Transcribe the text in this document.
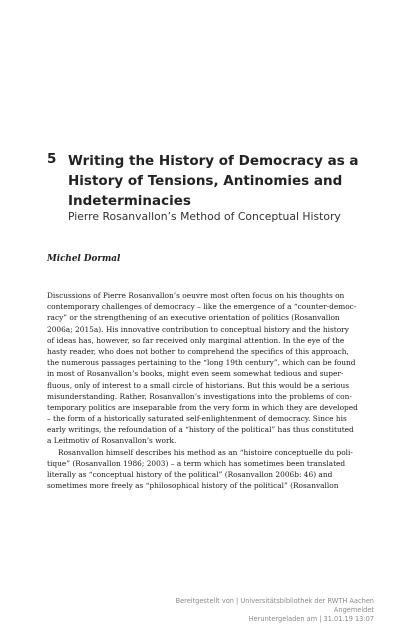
5 Writing the History of Democracy as a History of Tensions, Antinomies and Indeterminacies
Pierre Rosanvallon’s Method of Conceptual History
Michel Dormal
Discussions of Pierre Rosanvallon’s oeuvre most often focus on his thoughts on
contemporary challenges of democracy – like the emergence of a “counter-democ-
racy” or the strengthening of an executive orientation of politics (Rosanvallon
2006a; 2015a). His innovative contribution to conceptual history and the history
of ideas has, however, so far received only marginal attention. In the eye of the
hasty reader, who does not bother to comprehend the specifics of this approach,
the numerous passages pertaining to the “long 19th century”, which can be found
in most of Rosanvallon’s books, might even seem somewhat tedious and super-
fluous, only of interest to a small circle of historians. But this would be a serious
misunderstanding. Rather, Rosanvallon’s investigations into the problems of con-
temporary politics are inseparable from the very form in which they are developed
– the form of a historically saturated self-enlightenment of democracy. Since his
early writings, the refoundation of a “history of the political” has thus constituted
a Leitmotiv of Rosanvallon’s work.
Rosanvallon himself describes his method as an “histoire conceptuelle du poli-
tique” (Rosanvallon 1986; 2003) – a term which has sometimes been translated
literally as “conceptual history of the political” (Rosanvallon 2006b: 46) and
sometimes more freely as “philosophical history of the political” (Rosanvallon
Bereitgestellt von | Universitätsbibliothek der RWTH Aachen
Angemeldet
Heruntergeladen am | 31.01.19 13:07
